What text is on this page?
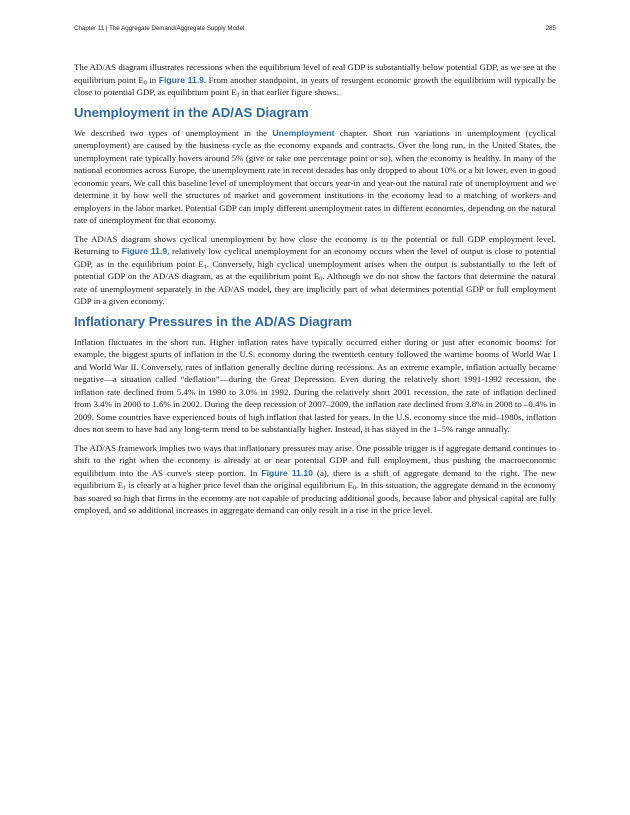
Chapter 11 | The Aggregate Demand/Aggregate Supply Model	285

The AD/AS diagram illustrates recessions when the equilibrium level of real GDP is substantially below potential GDP, as we see at the equilibrium point $E_0$ in Figure 11.9. From another standpoint, in years of resurgent economic growth the equilibrium will typically be close to potential GDP, as equilibrium point $E_1$ in that earlier figure shows.

Unemployment in the AD/AS Diagram

We described two types of unemployment in the Unemployment chapter. Short run variations in unemployment (cyclical unemployment) are caused by the business cycle as the economy expands and contracts. Over the long run, in the United States, the unemployment rate typically hovers around 5% (give or take one percentage point or so), when the economy is healthy. In many of the national economies across Europe, the unemployment rate in recent decades has only dropped to about 10% or a bit lower, even in good economic years. We call this baseline level of unemployment that occurs year-in and year-out the natural rate of unemployment and we determine it by how well the structures of market and government institutions in the economy lead to a matching of workers and employers in the labor market. Potential GDP can imply different unemployment rates in different economies, depending on the natural rate of unemployment for that economy.

The AD/AS diagram shows cyclical unemployment by how close the economy is to the potential or full GDP employment level. Returning to Figure 11.9, relatively low cyclical unemployment for an economy occurs when the level of output is close to potential GDP, as in the equilibrium point $E_1$. Conversely, high cyclical unemployment arises when the output is substantially to the left of potential GDP on the AD/AS diagram, as at the equilibrium point $E_0$. Although we do not show the factors that determine the natural rate of unemployment separately in the AD/AS model, they are implicitly part of what determines potential GDP or full employment GDP in a given economy.

Inflationary Pressures in the AD/AS Diagram

Inflation fluctuates in the short run. Higher inflation rates have typically occurred either during or just after economic booms: for example, the biggest spurts of inflation in the U.S. economy during the twentieth century followed the wartime booms of World War I and World War II. Conversely, rates of inflation generally decline during recessions. As an extreme example, inflation actually became negative—a situation called “deflation”—during the Great Depression. Even during the relatively short 1991-1992 recession, the inflation rate declined from 5.4% in 1990 to 3.0% in 1992. During the relatively short 2001 recession, the rate of inflation declined from 3.4% in 2000 to 1.6% in 2002. During the deep recession of 2007–2009, the inflation rate declined from 3.8% in 2008 to –0.4% in 2009. Some countries have experienced bouts of high inflation that lasted for years. In the U.S. economy since the mid–1980s, inflation does not seem to have had any long-term trend to be substantially higher. Instead, it has stayed in the 1–5% range annually.

The AD/AS framework implies two ways that inflationary pressures may arise. One possible trigger is if aggregate demand continues to shift to the right when the economy is already at or near potential GDP and full employment, thus pushing the macroeconomic equilibrium into the AS curve's steep portion. In Figure 11.10 (a), there is a shift of aggregate demand to the right. The new equilibrium $E_1$ is clearly at a higher price level than the original equilibrium $E_0$. In this situation, the aggregate demand in the economy has soared so high that firms in the economy are not capable of producing additional goods, because labor and physical capital are fully employed, and so additional increases in aggregate demand can only result in a rise in the price level.
